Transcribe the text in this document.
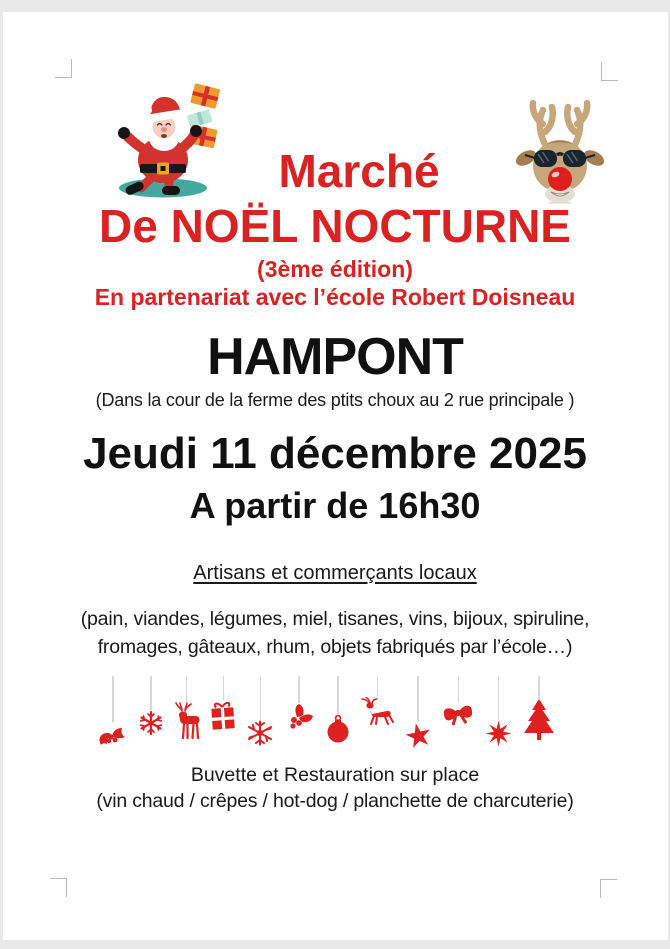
Marché
De NOËL NOCTURNE
(3ème édition)
En partenariat avec l’école Robert Doisneau
HAMPONT
(Dans la cour de la ferme des ptits choux au 2 rue principale )
Jeudi 11 décembre 2025
A partir de 16h30
Artisans et commerçants locaux
(pain, viandes, légumes, miel, tisanes, vins, bijoux, spiruline,
fromages, gâteaux, rhum, objets fabriqués par l’école…)
Buvette et Restauration sur place
(vin chaud / crêpes / hot-dog / planchette de charcuterie)
